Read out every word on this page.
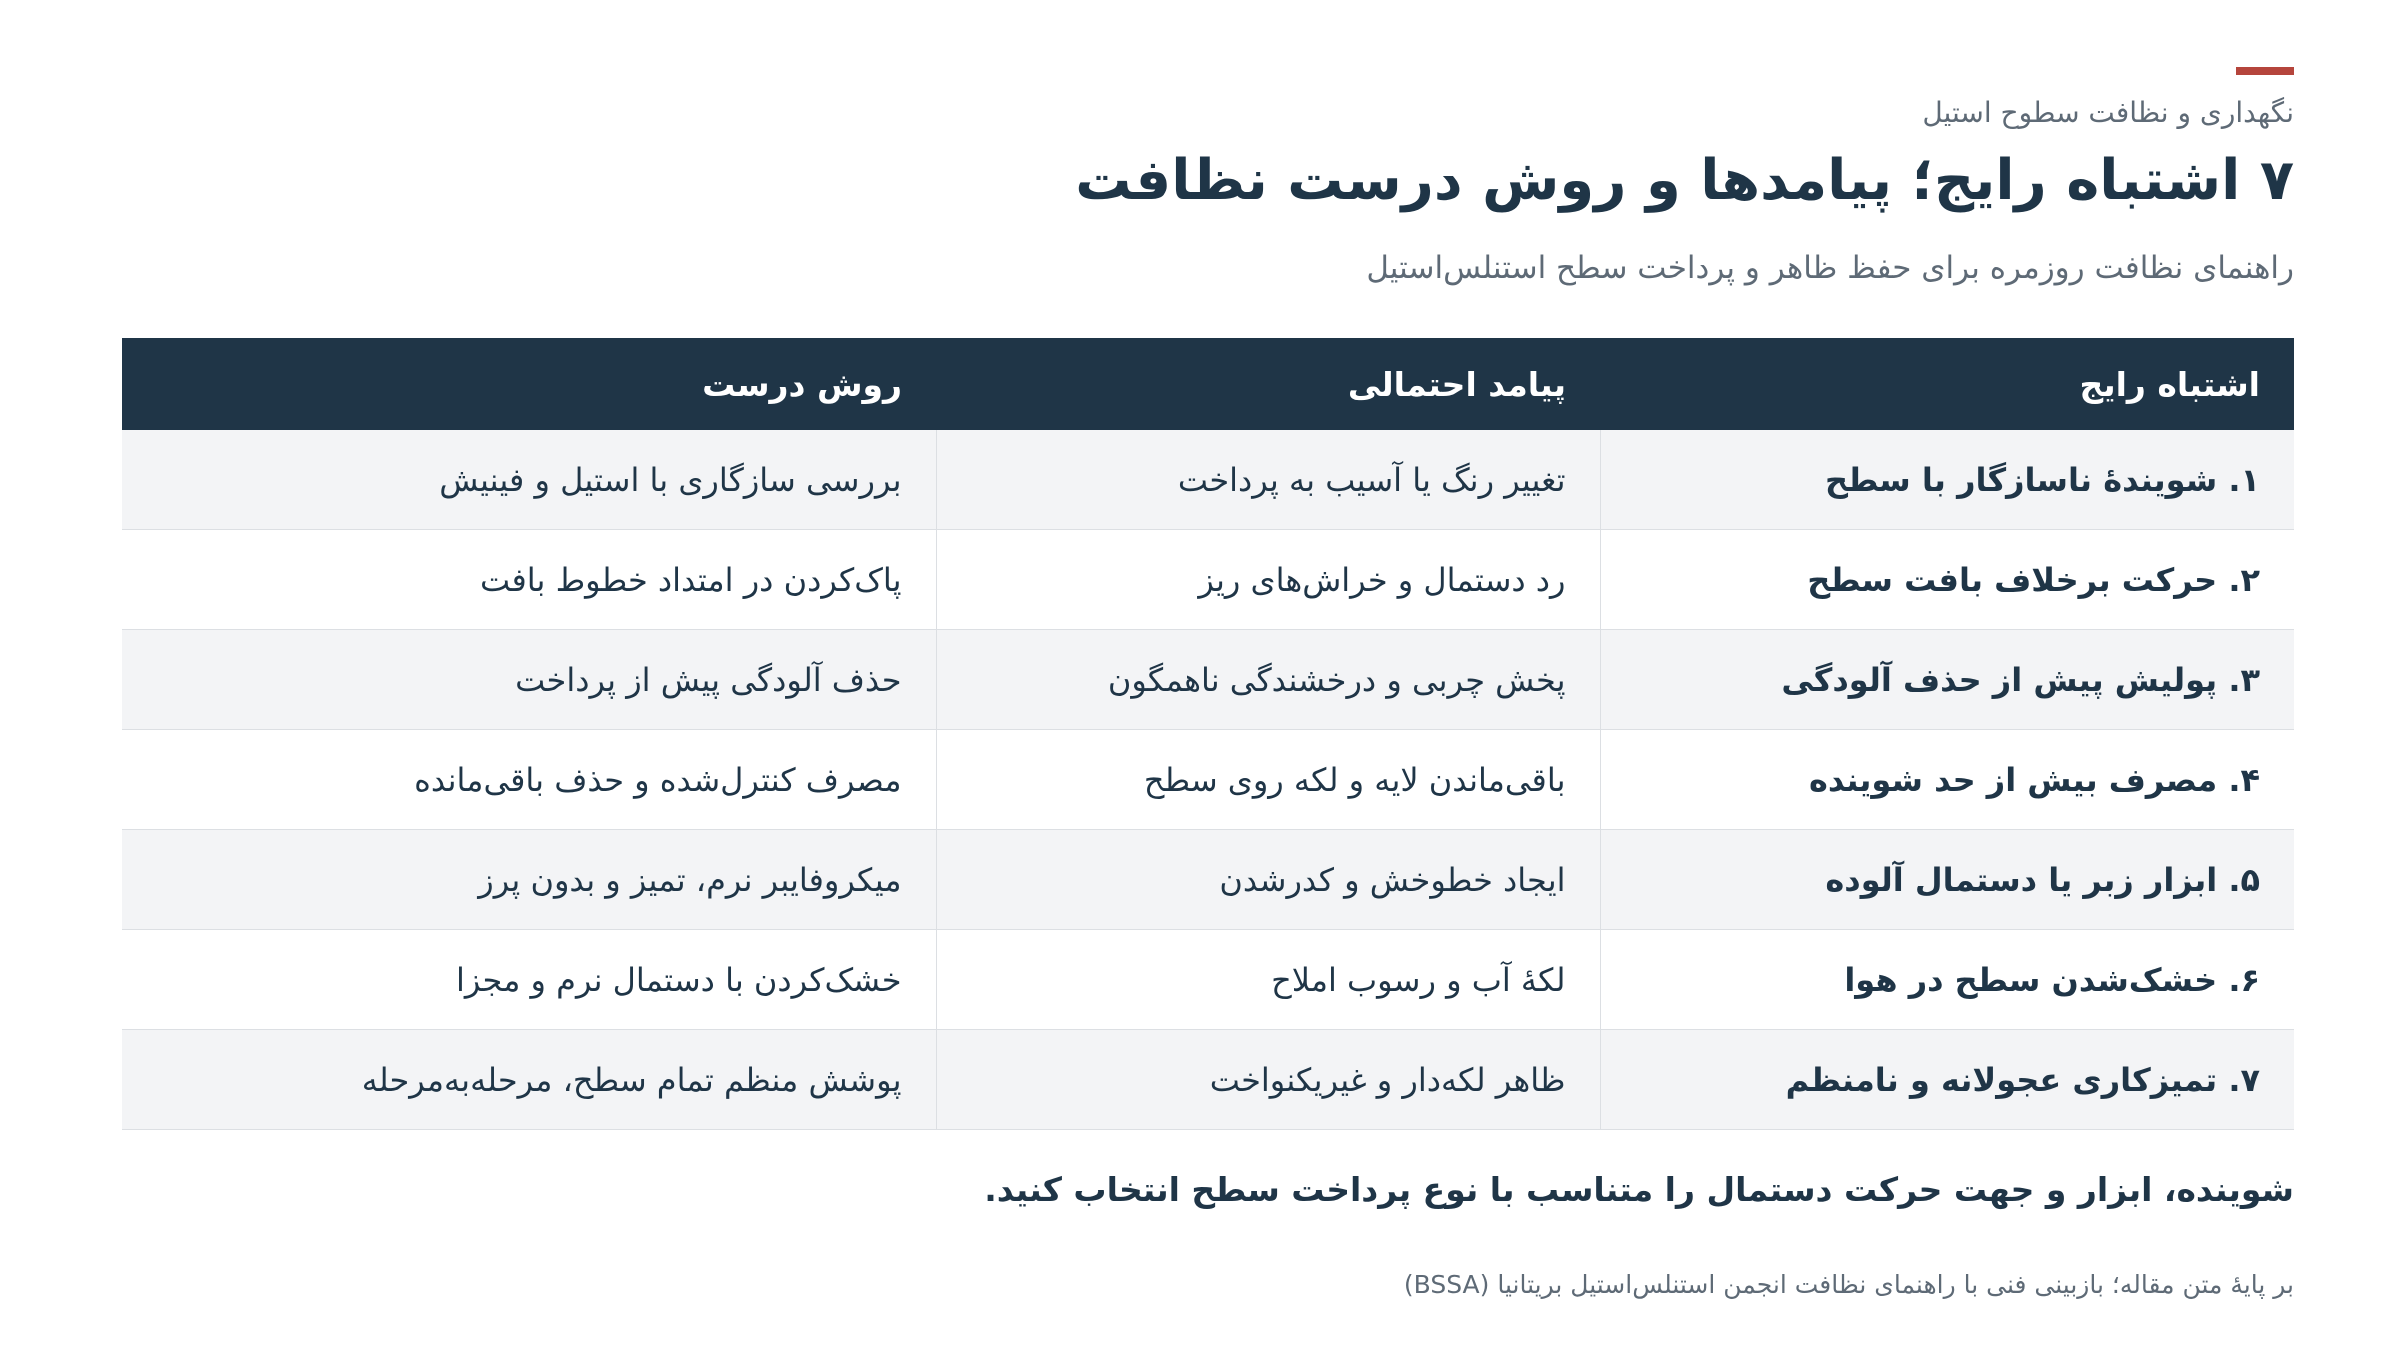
نگهداری و نظافت سطوح استیل
۷ اشتباه رایج؛ پیامدها و روش درست نظافت
راهنمای نظافت روزمره برای حفظ ظاهر و پرداخت سطح استنلس‌استیل
اشتباه رایج	پیامد احتمالی	روش درست
۱. شویندهٔ ناسازگار با سطح	تغییر رنگ یا آسیب به پرداخت	بررسی سازگاری با استیل و فینیش
۲. حرکت برخلاف بافت سطح	رد دستمال و خراش‌های ریز	پاک‌کردن در امتداد خطوط بافت
۳. پولیش پیش از حذف آلودگی	پخش چربی و درخشندگی ناهمگون	حذف آلودگی پیش از پرداخت
۴. مصرف بیش از حد شوینده	باقی‌ماندن لایه و لکه روی سطح	مصرف کنترل‌شده و حذف باقی‌مانده
۵. ابزار زبر یا دستمال آلوده	ایجاد خطوخش و کدرشدن	میکروفایبر نرم، تمیز و بدون پرز
۶. خشک‌شدن سطح در هوا	لکهٔ آب و رسوب املاح	خشک‌کردن با دستمال نرم و مجزا
۷. تمیزکاری عجولانه و نامنظم	ظاهر لکه‌دار و غیریکنواخت	پوشش منظم تمام سطح، مرحله‌به‌مرحله
شوینده، ابزار و جهت حرکت دستمال را متناسب با نوع پرداخت سطح انتخاب کنید.
بر پایهٔ متن مقاله؛ بازبینی فنی با راهنمای نظافت انجمن استنلس‌استیل بریتانیا (BSSA)
